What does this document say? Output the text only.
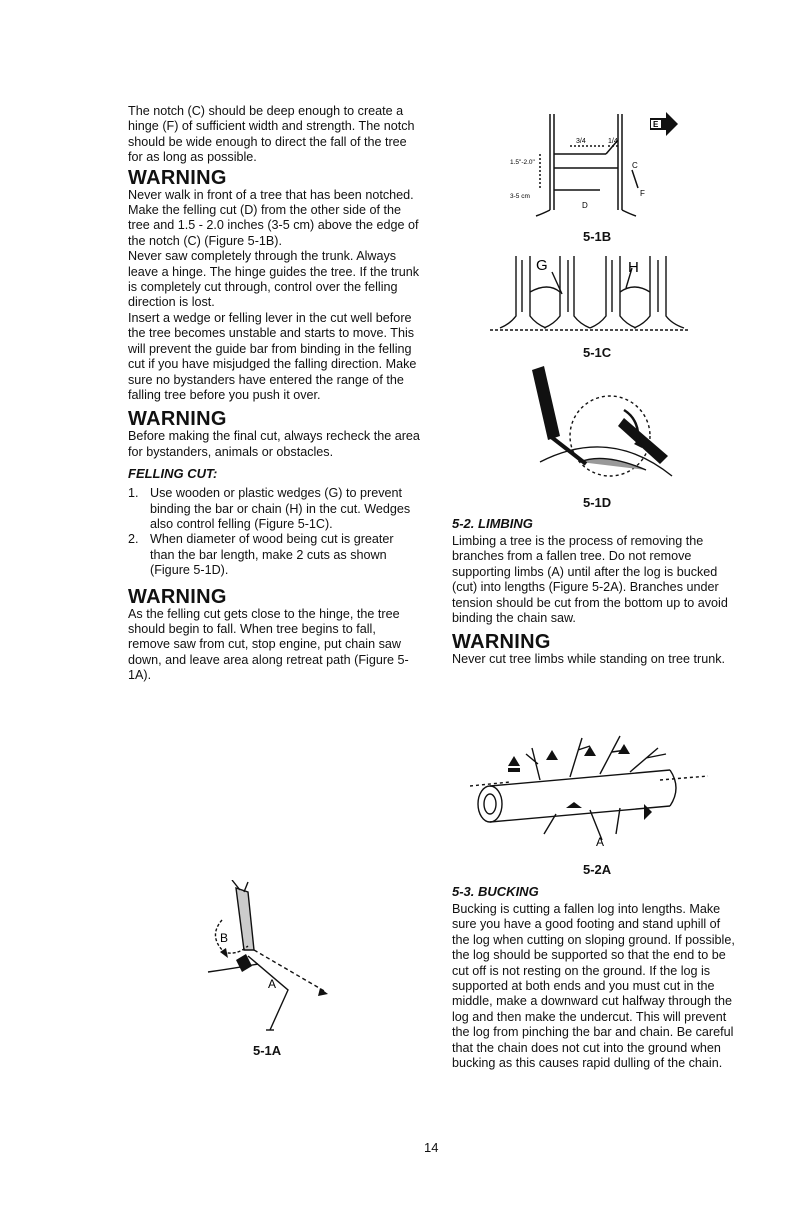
The notch (C) should be deep enough to create a hinge (F) of sufficient width and strength. The notch should be wide enough to direct the fall of the tree for as long as possible.

WARNING

Never walk in front of a tree that has been notched.

Make the felling cut (D) from the other side of the tree and 1.5 - 2.0 inches (3-5 cm) above the edge of the notch (C) (Figure 5-1B).

Never saw completely through the trunk. Always leave a hinge. The hinge guides the tree. If the trunk is completely cut through, control over the felling direction is lost.

Insert a wedge or felling lever in the cut well before the tree becomes unstable and starts to move. This will prevent the guide bar from binding in the felling cut if you have misjudged the falling direction. Make sure no bystanders have entered the range of the falling tree before you push it over.

WARNING

Before making the final cut, always recheck the area for bystanders, animals or obstacles.

FELLING CUT:
1. Use wooden or plastic wedges (G) to prevent binding the bar or chain (H) in the cut. Wedges also control felling (Figure 5-1C).
2. When diameter of wood being cut is greater than the bar length, make 2 cuts as shown (Figure 5-1D).
WARNING

As the felling cut gets close to the hinge, the tree should begin to fall. When tree begins to fall, remove saw from cut, stop engine, put chain saw down, and leave area along retreat path (Figure 5-1A).

5-2. LIMBING

Limbing a tree is the process of removing the branches from a fallen tree. Do not remove supporting limbs (A) until after the log is bucked (cut) into lengths (Figure 5-2A). Branches under tension should be cut from the bottom up to avoid binding the chain saw.

WARNING

Never cut tree limbs while standing on tree trunk.

5-3. BUCKING

Bucking is cutting a fallen log into lengths. Make sure you have a good footing and stand uphill of the log when cutting on sloping ground. If possible, the log should be supported so that the end to be cut off is not resting on the ground. If the log is supported at both ends and you must cut in the middle, make a downward cut halfway through the log and then make the undercut. This will prevent the log from pinching the bar and chain. Be careful that the chain does not cut into the ground when bucking as this causes rapid dulling of the chain.

E
3/4	1/4
1.5"-2.0"
3-5 cm
C
D
F
5-1B
G	H
5-1C
5-1D
A
5-2A
B
A
5-1A
14
